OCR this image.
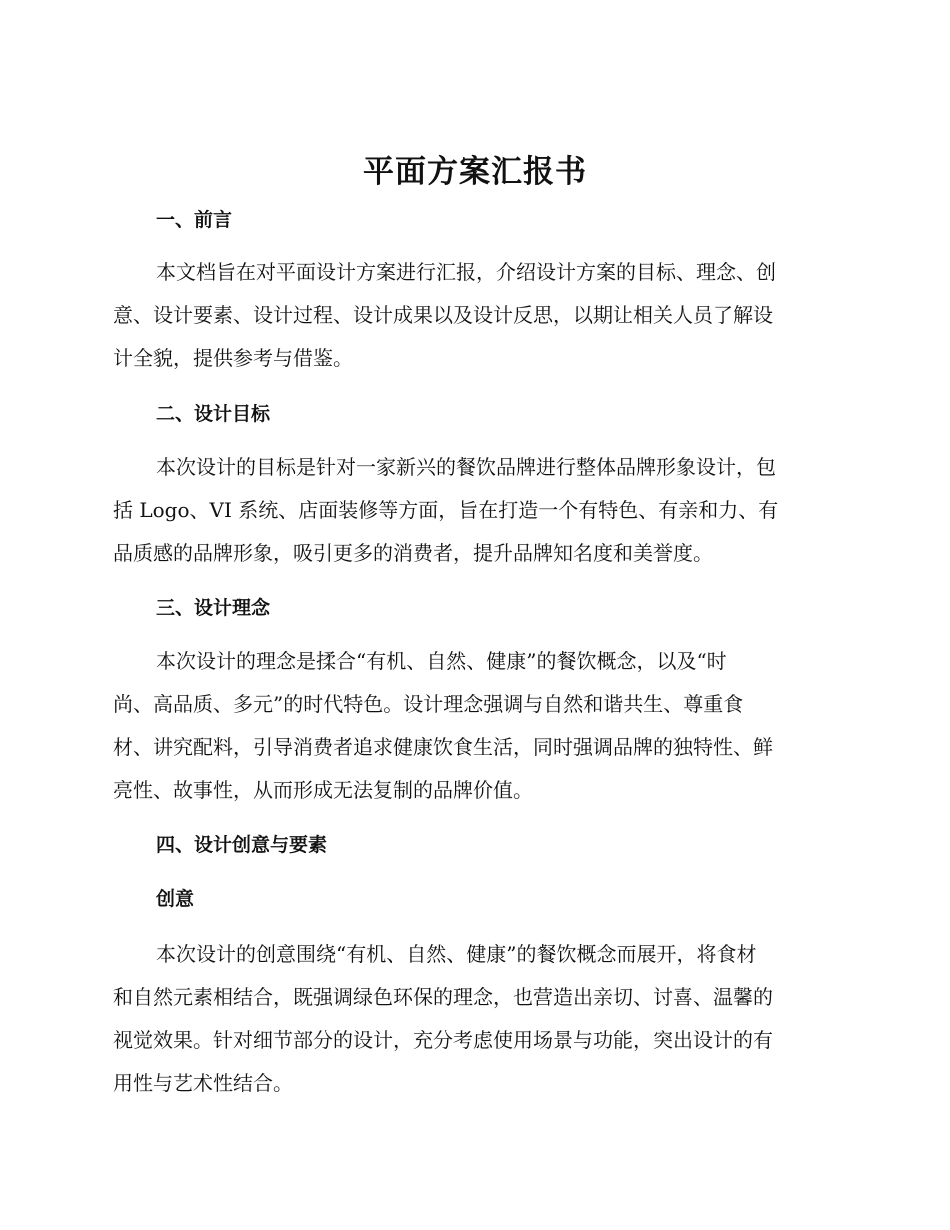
平面方案汇报书
一、前言

本文档旨在对平面设计方案进行汇报，介绍设计方案的目标、理念、创
意、设计要素、设计过程、设计成果以及设计反思，以期让相关人员了解设
计全貌，提供参考与借鉴。

二、设计目标

本次设计的目标是针对一家新兴的餐饮品牌进行整体品牌形象设计，包
括 Logo、VI 系统、店面装修等方面，旨在打造一个有特色、有亲和力、有
品质感的品牌形象，吸引更多的消费者，提升品牌知名度和美誉度。

三、设计理念

本次设计的理念是揉合“有机、自然、健康”的餐饮概念，以及“时
尚、高品质、多元”的时代特色。设计理念强调与自然和谐共生、尊重食
材、讲究配料，引导消费者追求健康饮食生活，同时强调品牌的独特性、鲜
亮性、故事性，从而形成无法复制的品牌价值。

四、设计创意与要素
创意

本次设计的创意围绕“有机、自然、健康”的餐饮概念而展开，将食材
和自然元素相结合，既强调绿色环保的理念，也营造出亲切、讨喜、温馨的
视觉效果。针对细节部分的设计，充分考虑使用场景与功能，突出设计的有
用性与艺术性结合。
